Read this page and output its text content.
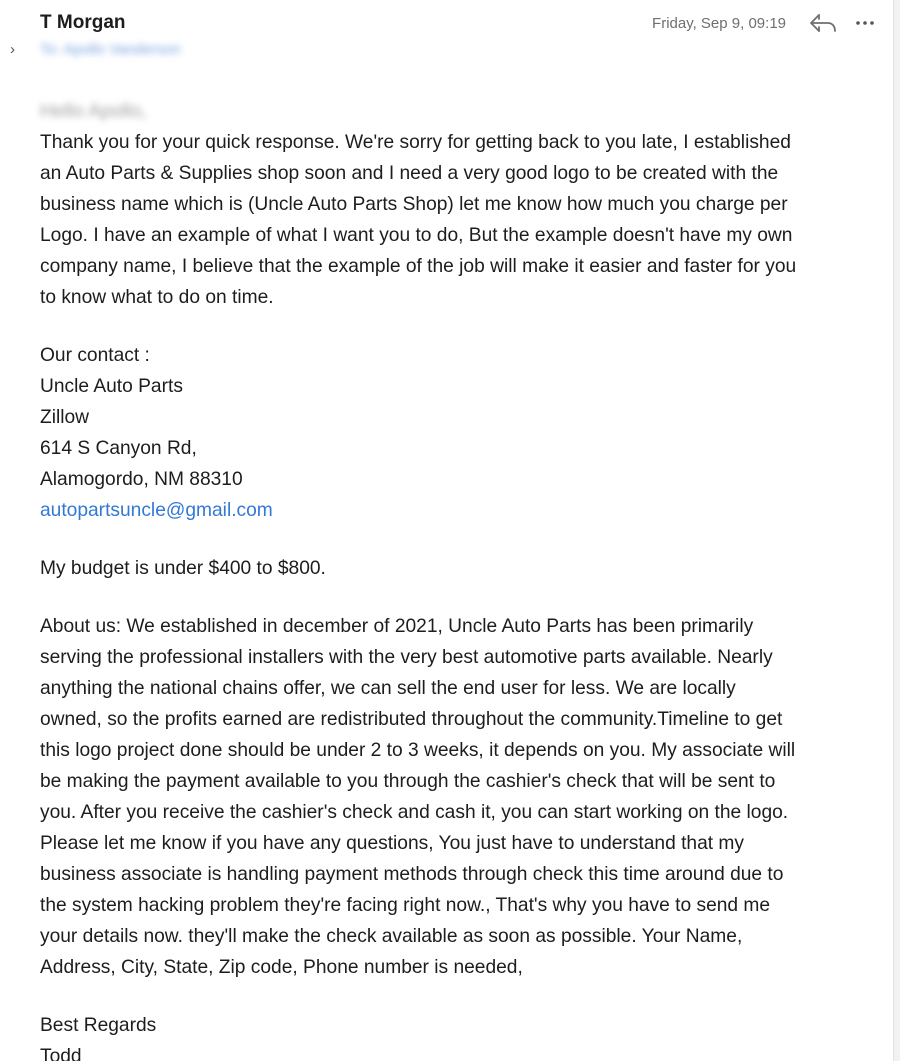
T Morgan
› To: Apollo Vanderson
Friday, Sep 9, 09:19
Hello Apollo,

Thank you for your quick response. We're sorry for getting back to you late, I established
an Auto Parts & Supplies shop soon and I need a very good logo to be created with the
business name which is (Uncle Auto Parts Shop) let me know how much you charge per
Logo. I have an example of what I want you to do, But the example doesn't have my own
company name, I believe that the example of the job will make it easier and faster for you
to know what to do on time.

Our contact :
Uncle Auto Parts
Zillow
614 S Canyon Rd,
Alamogordo, NM 88310
autopartsuncle@gmail.com

My budget is under $400 to $800.

About us: We established in december of 2021, Uncle Auto Parts has been primarily
serving the professional installers with the very best automotive parts available. Nearly
anything the national chains offer, we can sell the end user for less. We are locally
owned, so the profits earned are redistributed throughout the community.Timeline to get
this logo project done should be under 2 to 3 weeks, it depends on you. My associate will
be making the payment available to you through the cashier's check that will be sent to
you. After you receive the cashier's check and cash it, you can start working on the logo.
Please let me know if you have any questions, You just have to understand that my
business associate is handling payment methods through check this time around due to
the system hacking problem they're facing right now., That's why you have to send me
your details now. they'll make the check available as soon as possible. Your Name,
Address, City, State, Zip code, Phone number is needed,

Best Regards
Todd
